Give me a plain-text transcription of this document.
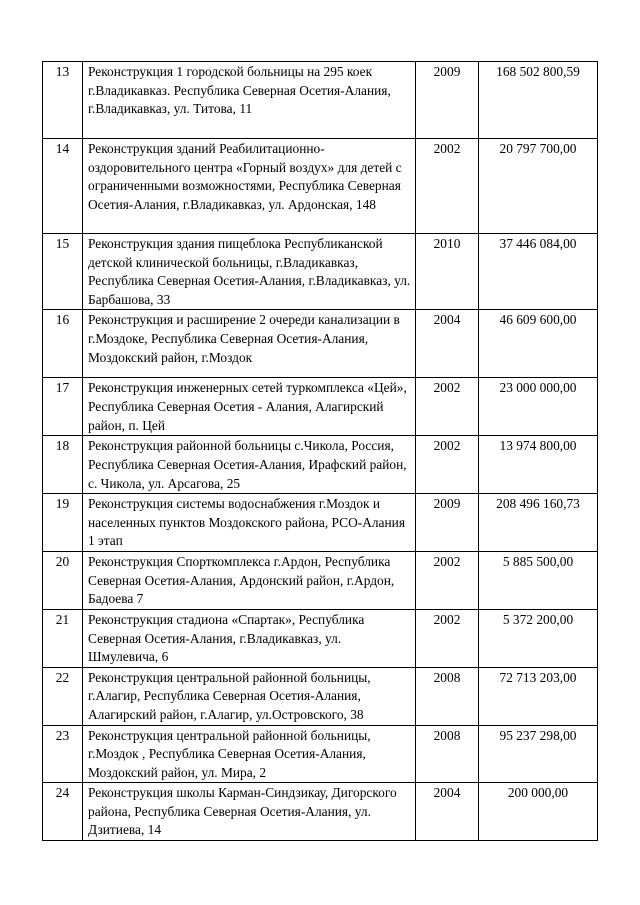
13	Реконструкция 1 городской больницы на 295 коек г.Владикавказ. Республика Северная Осетия-Алания, г.Владикавказ, ул. Титова, 11	2009	168 502 800,59
14	Реконструкция зданий Реабилитационно-оздоровительного центра «Горный воздух» для детей с ограниченными возможностями, Республика Северная Осетия-Алания, г.Владикавказ, ул. Ардонская, 148	2002	20 797 700,00
15	Реконструкция здания пищеблока Республиканской детской клинической больницы, г.Владикавказ, Республика Северная Осетия-Алания, г.Владикавказ, ул. Барбашова, 33	2010	37 446 084,00
16	Реконструкция и расширение 2 очереди канализации в г.Моздоке, Республика Северная Осетия-Алания, Моздокский район, г.Моздок	2004	46 609 600,00
17	Реконструкция инженерных сетей туркомплекса «Цей», Республика Северная Осетия - Алания, Алагирский район, п. Цей	2002	23 000 000,00
18	Реконструкция районной больницы с.Чикола, Россия, Республика Северная Осетия-Алания, Ирафский район, с. Чикола, ул. Арсагова, 25	2002	13 974 800,00
19	Реконструкция системы водоснабжения г.Моздок и населенных пунктов Моздокского района, РСО-Алания 1 этап	2009	208 496 160,73
20	Реконструкция Спорткомплекса г.Ардон, Республика Северная Осетия-Алания, Ардонский район, г.Ардон, Бадоева 7	2002	5 885 500,00
21	Реконструкция стадиона «Спартак», Республика Северная Осетия-Алания, г.Владикавказ, ул. Шмулевича, 6	2002	5 372 200,00
22	Реконструкция центральной районной больницы, г.Алагир, Республика Северная Осетия-Алания, Алагирский район, г.Алагир, ул.Островского, 38	2008	72 713 203,00
23	Реконструкция центральной районной больницы, г.Моздок , Республика Северная Осетия-Алания, Моздокский район, ул. Мира, 2	2008	95 237 298,00
24	Реконструкция школы Карман-Синдзикау, Дигорского района, Республика Северная Осетия-Алания, ул. Дзитиева, 14	2004	200 000,00
